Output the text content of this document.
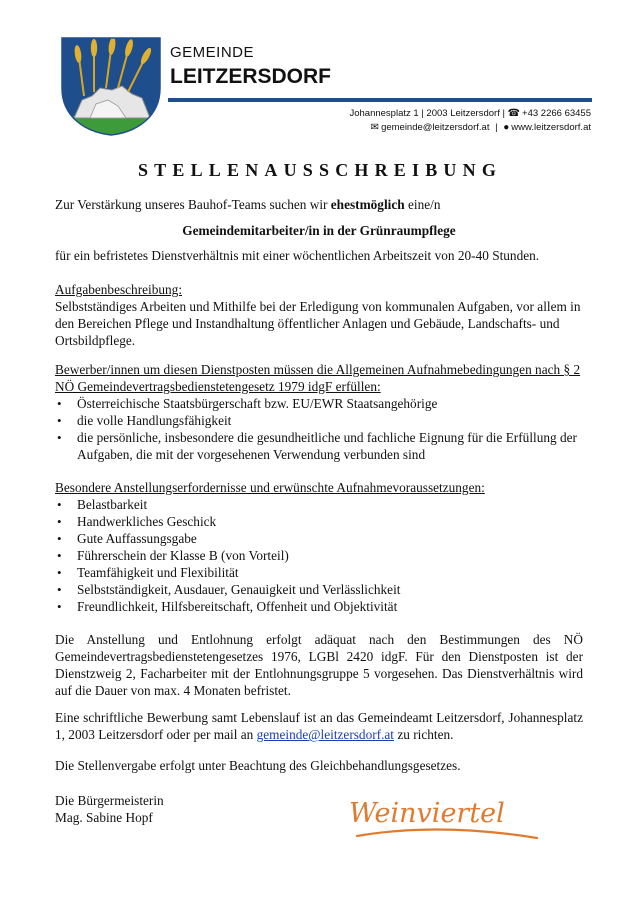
GEMEINDE
LEITZERSDORF
Johannesplatz 1 | 2003 Leitzersdorf | ☎ +43 2266 63455
✉ gemeinde@leitzersdorf.at | ● www.leitzersdorf.at
STELLENAUSSCHREIBUNG

Zur Verstärkung unseres Bauhof-Teams suchen wir ehestmöglich eine/n

Gemeindemitarbeiter/in in der Grünraumpflege

für ein befristetes Dienstverhältnis mit einer wöchentlichen Arbeitszeit von 20-40 Stunden.

Aufgabenbeschreibung:

Selbstständiges Arbeiten und Mithilfe bei der Erledigung von kommunalen Aufgaben, vor allem in den Bereichen Pflege und Instandhaltung öffentlicher Anlagen und Gebäude, Landschafts- und Ortsbildpflege.

Bewerber/innen um diesen Dienstposten müssen die Allgemeinen Aufnahmebedingungen nach § 2 NÖ Gemeindevertragsbedienstetengesetz 1979 idgF erfüllen:

• Österreichische Staatsbürgerschaft bzw. EU/EWR Staatsangehörige
• die volle Handlungsfähigkeit
• die persönliche, insbesondere die gesundheitliche und fachliche Eignung für die Erfüllung der Aufgaben, die mit der vorgesehenen Verwendung verbunden sind

Besondere Anstellungserfordernisse und erwünschte Aufnahmevoraussetzungen:

• Belastbarkeit
• Handwerkliches Geschick
• Gute Auffassungsgabe
• Führerschein der Klasse B (von Vorteil)
• Teamfähigkeit und Flexibilität
• Selbstständigkeit, Ausdauer, Genauigkeit und Verlässlichkeit
• Freundlichkeit, Hilfsbereitschaft, Offenheit und Objektivität

Die Anstellung und Entlohnung erfolgt adäquat nach den Bestimmungen des NÖ Gemeindevertragsbedienstetengesetzes 1976, LGBl 2420 idgF. Für den Dienstposten ist der Dienstzweig 2, Facharbeiter mit der Entlohnungsgruppe 5 vorgesehen. Das Dienstverhältnis wird auf die Dauer von max. 4 Monaten befristet.

Eine schriftliche Bewerbung samt Lebenslauf ist an das Gemeindeamt Leitzersdorf, Johannesplatz 1, 2003 Leitzersdorf oder per mail an gemeinde@leitzersdorf.at zu richten.

Die Stellenvergabe erfolgt unter Beachtung des Gleichbehandlungsgesetzes.

Die Bürgermeisterin

Mag. Sabine Hopf	Weinviertel
